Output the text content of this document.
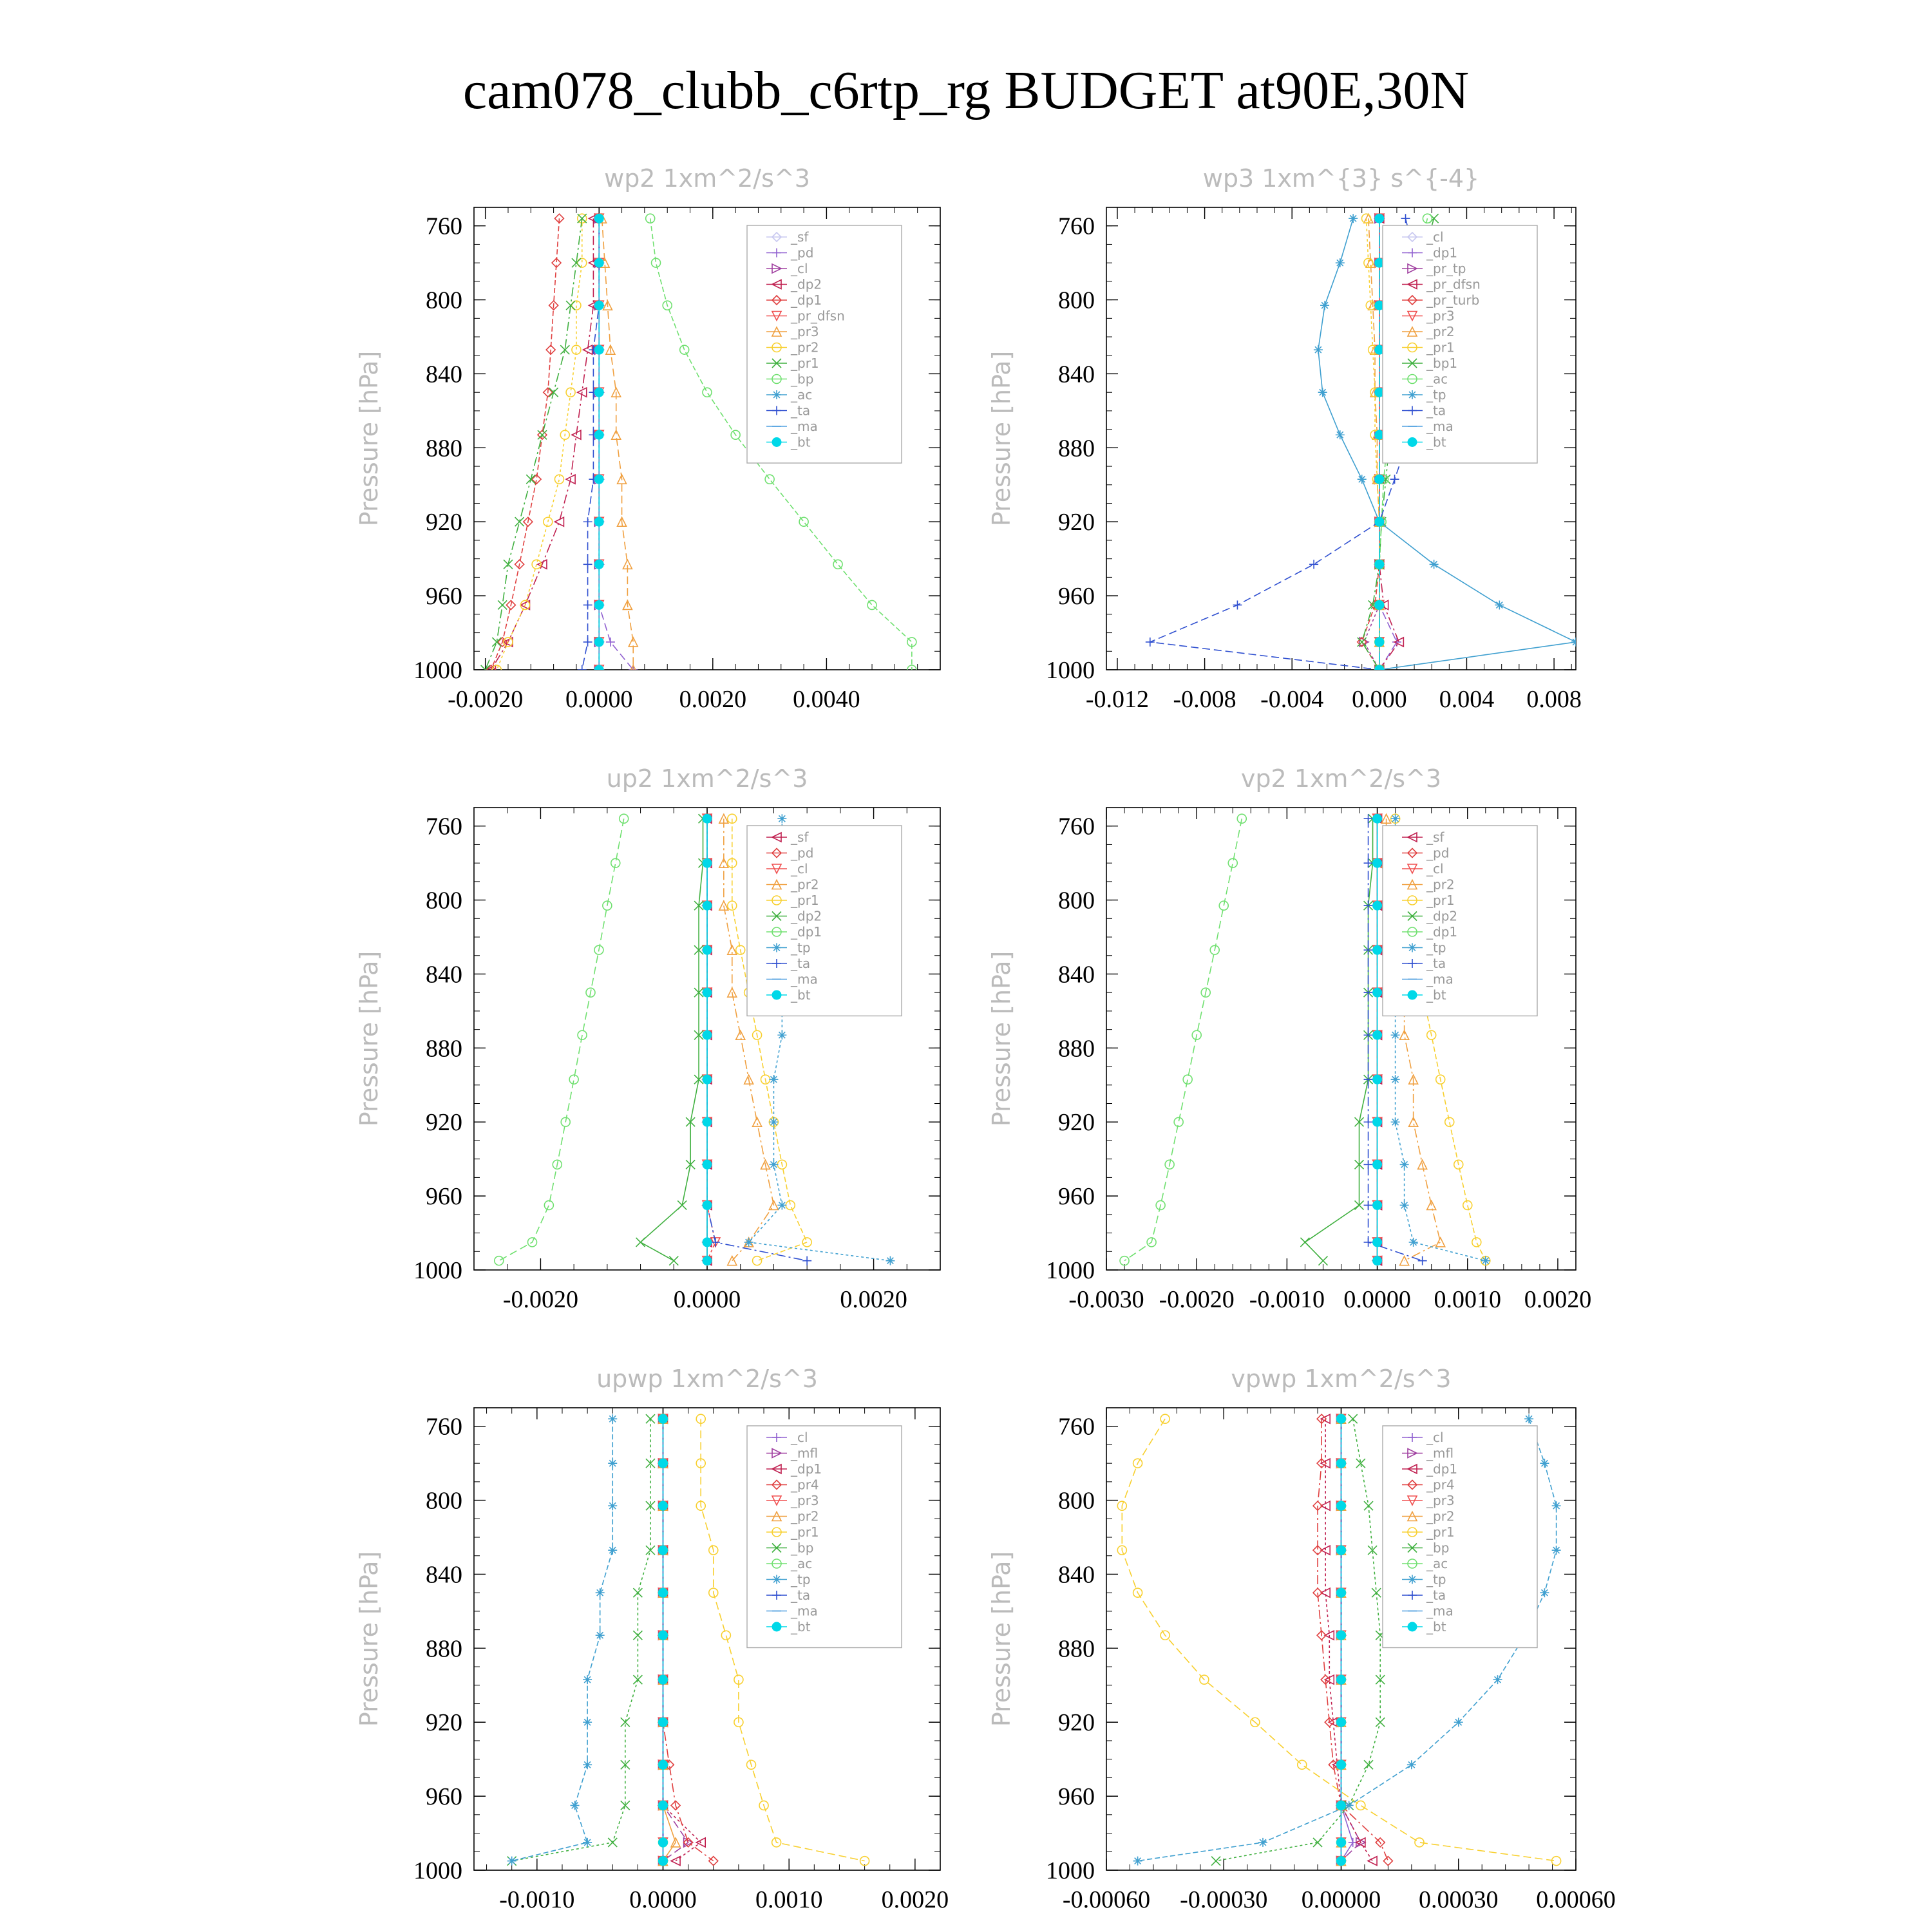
cam078_clubb_c6rtp_rg BUDGET at90E,30N
wp2 1xm^2/s^3
Pressure [hPa]
760
800
840
880
920
960
1000
-0.0020 0.0000 0.0020 0.0040
_sf
_pd
_cl
_dp2
_dp1
_pr_dfsn
_pr3
_pr2
_pr1
_bp
_ac
_ta
_ma
_bt
wp3 1xm^{3} s^{-4}
Pressure [hPa]
760
800
840
880
920
960
1000
-0.012 -0.008 -0.004 0.000 0.004 0.008
_cl
_dp1
_pr_tp
_pr_dfsn
_pr_turb
_pr3
_pr2
_pr1
_bp1
_ac
_tp
_ta
_ma
_bt
up2 1xm^2/s^3
Pressure [hPa]
760
800
840
880
920
960
1000
-0.0020	0.0000	0.0020
_sf
_pd
_cl
_pr2
_pr1
_dp2
_dp1
_tp
_ta
_ma
_bt
vp2 1xm^2/s^3
Pressure [hPa]
760
800
840
880
920
960
1000
-0.0030 -0.0020 -0.0010 0.0000 0.0010 0.0020
_sf
_pd
_cl
_pr2
_pr1
_dp2
_dp1
_tp
_ta
_ma
_bt
upwp 1xm^2/s^3
Pressure [hPa]
760
800
840
880
920
960
1000
-0.0010 0.0000 0.0010 0.0020
_cl
_mfl
_dp1
_pr4
_pr3
_pr2
_pr1
_bp
_ac
_tp
_ta
_ma
_bt
vpwp 1xm^2/s^3
Pressure [hPa]
760
800
840
880
920
960
1000
-0.00060 -0.00030 0.00000 0.00030 0.00060
_cl
_mfl
_dp1
_pr4
_pr3
_pr2
_pr1
_bp
_ac
_tp
_ta
_ma
_bt
